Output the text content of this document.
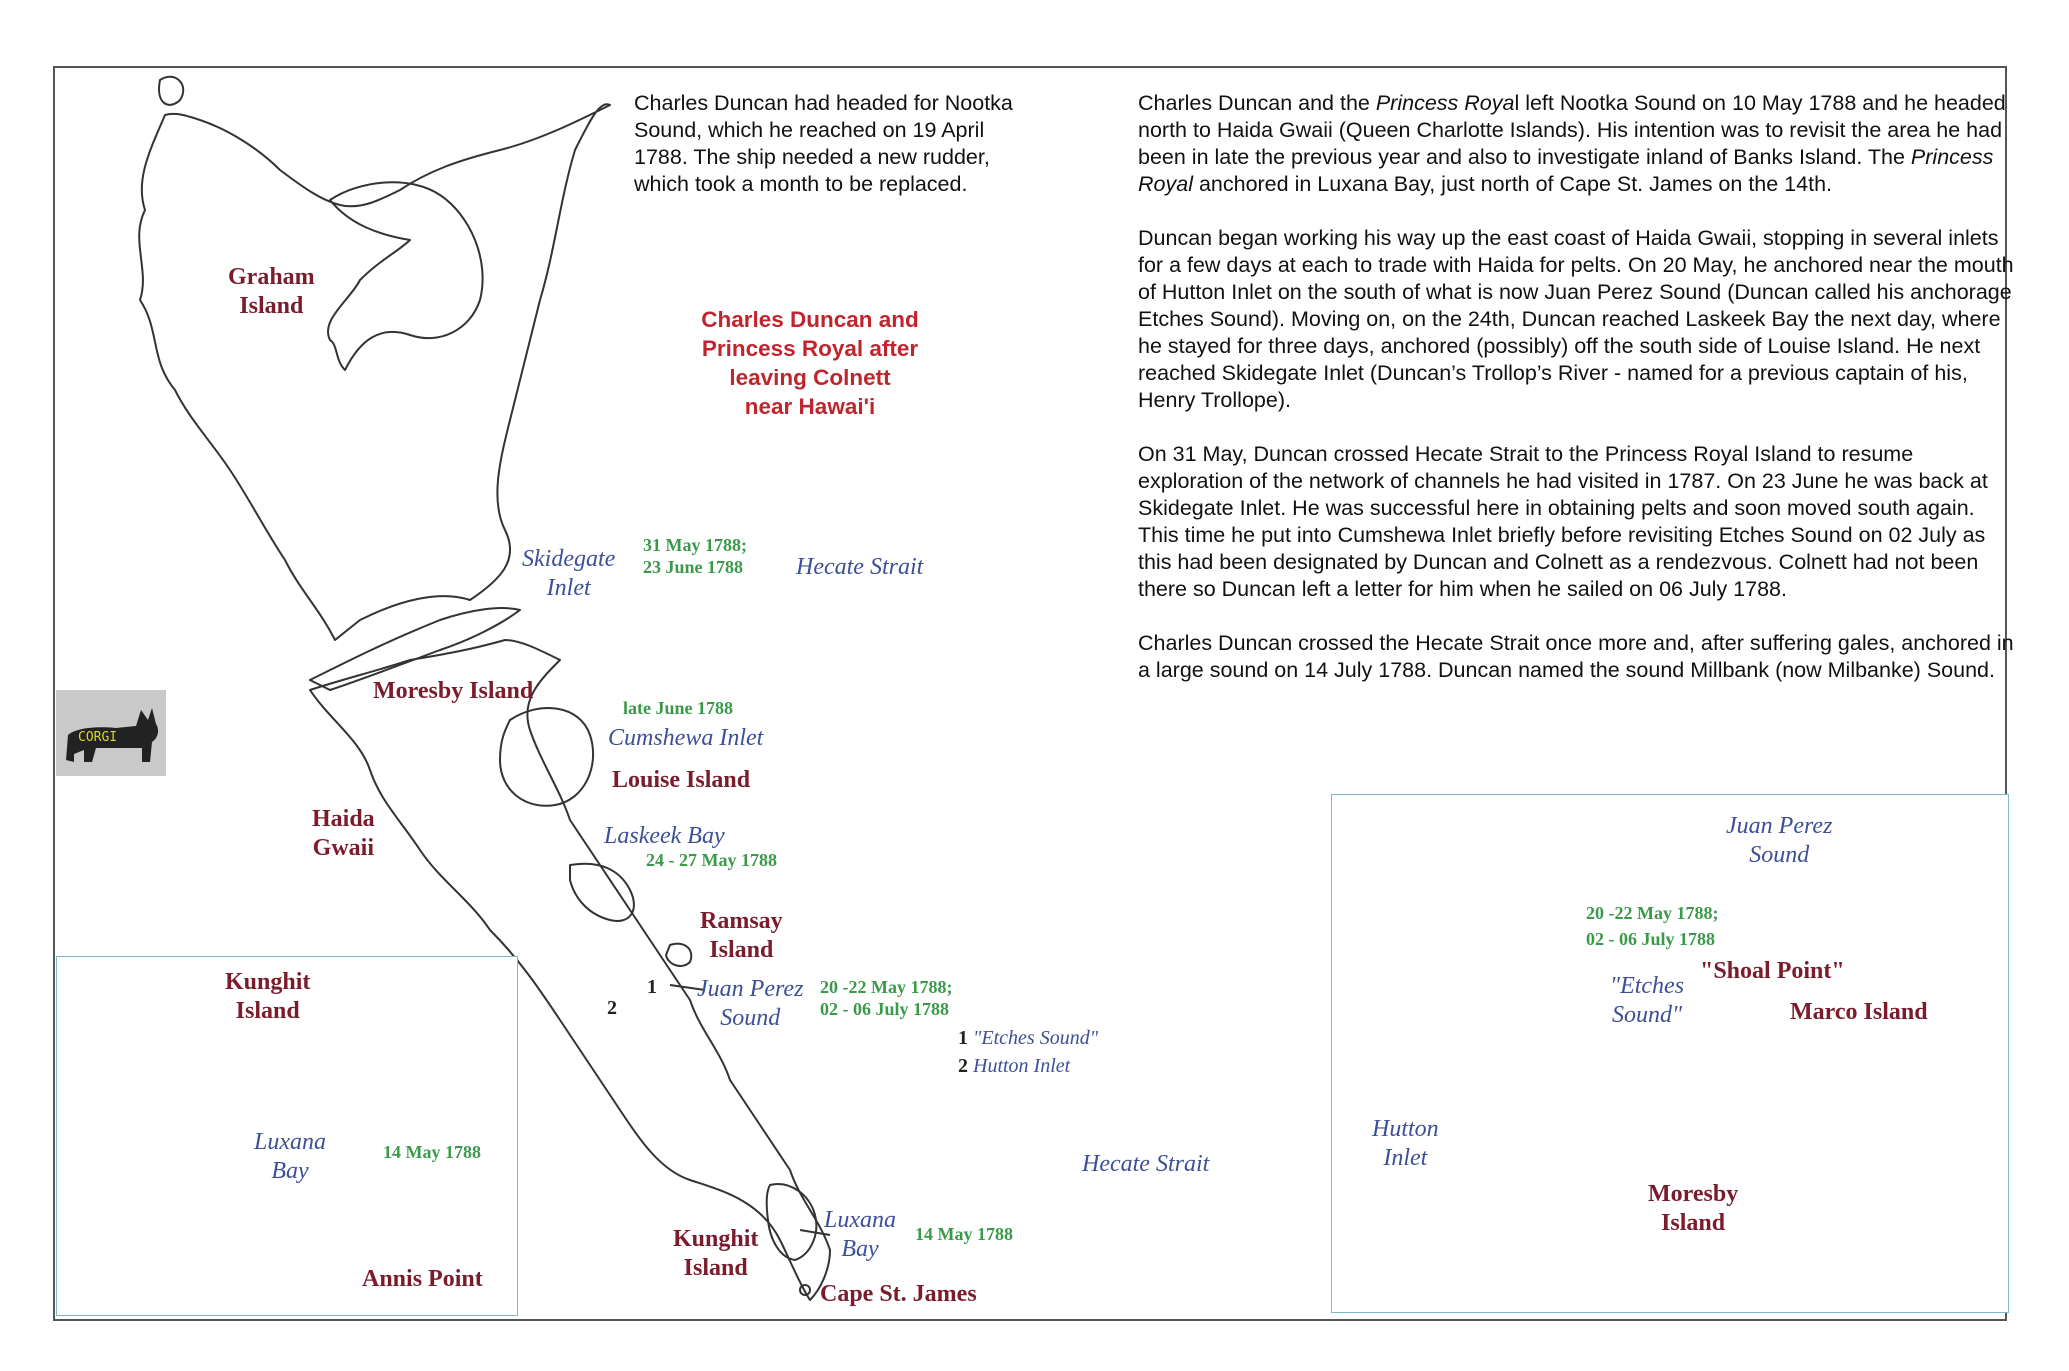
Charles Duncan had headed for Nootka
Sound, which he reached on 19 April
1788. The ship needed a new rudder,
which took a month to be replaced.

Charles Duncan and the Princess Royal left Nootka Sound on 10 May 1788 and he headed north to Haida Gwaii (Queen Charlotte Islands). His intention was to revisit the area he had been in late the previous year and also to investigate inland of Banks Island. The Princess Royal anchored in Luxana Bay, just north of Cape St. James on the 14th.

Duncan began working his way up the east coast of Haida Gwaii, stopping in several inlets for a few days at each to trade with Haida for pelts. On 20 May, he anchored near the mouth of Hutton Inlet on the south of what is now Juan Perez Sound (Duncan called his anchorage Etches Sound). Moving on, on the 24th, Duncan reached Laskeek Bay the next day, where he stayed for three days, anchored (possibly) off the south side of Louise Island. He next reached Skidegate Inlet (Duncan’s Trollop’s River - named for a previous captain of his, Henry Trollope).

On 31 May, Duncan crossed Hecate Strait to the Princess Royal Island to resume exploration of the network of channels he had visited in 1787. On 23 June he was back at Skidegate Inlet. He was successful here in obtaining pelts and soon moved south again. This time he put into Cumshewa Inlet briefly before revisiting Etches Sound on 02 July as this had been designated by Duncan and Colnett as a rendezvous. Colnett had not been there so Duncan left a letter for him when he sailed on 06 July 1788.

Charles Duncan crossed the Hecate Strait once more and, after suffering gales, anchored in a large sound on 14 July 1788. Duncan named the sound Millbank (now Milbanke) Sound.

Charles Duncan and
Princess Royal after
leaving Colnett
near Hawai'i
Graham
Island
Moresby Island
Louise Island
Haida
Gwaii
Ramsay
Island
Kunghit
Island
Cape St. James
Skidegate
Inlet
Hecate Strait
Cumshewa Inlet
Laskeek Bay
Juan Perez
Sound
Hecate Strait
Luxana
Bay
31 May 1788;
23 June 1788
late June 1788
24 - 27 May 1788
20 -22 May 1788;
02 - 06 July 1788
14 May 1788
1
2
1 "Etches Sound"
2 Hutton Inlet
CORGI
Kunghit
Island
Luxana
Bay
14 May 1788
Annis Point
Juan Perez
Sound
20 -22 May 1788;
02 - 06 July 1788
"Etches
Sound"
"Shoal Point"
Marco Island
Hutton
Inlet
Moresby
Island
